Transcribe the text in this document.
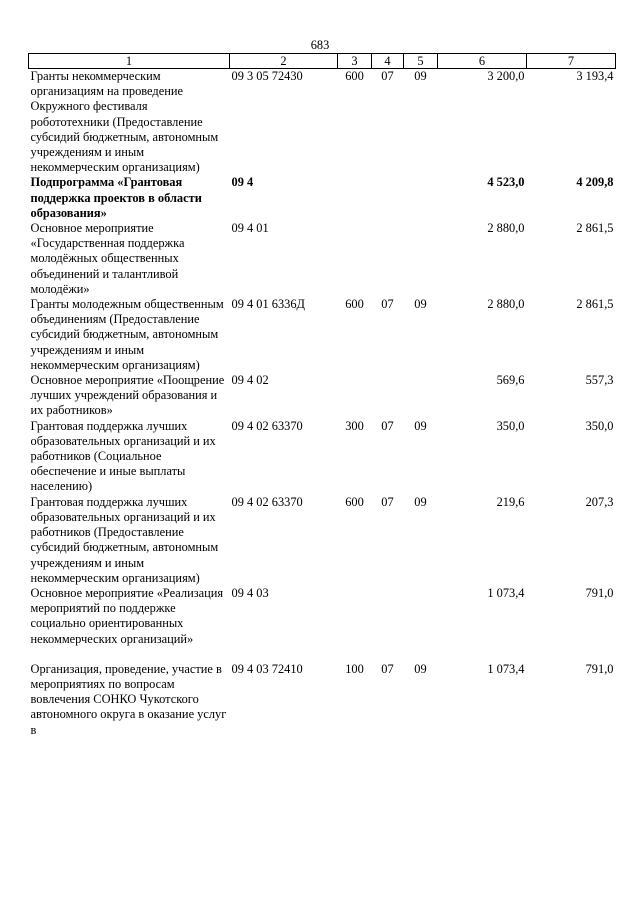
683
1	2	3	4	5	6	7
Гранты некоммерческим организациям на проведение Окружного фестиваля робототехники (Предоставление субсидий бюджетным, автономным учреждениям и иным некоммерческим организациям)	09 3 05 72430	600	07	09	3 200,0	3 193,4
Подпрограмма «Грантовая поддержка проектов в области образования»	09 4				4 523,0	4 209,8
Основное мероприятие «Государственная поддержка молодёжных общественных объединений и талантливой молодёжи»	09 4 01				2 880,0	2 861,5
Гранты молодежным общественным объединениям (Предоставление субсидий бюджетным, автономным учреждениям и иным некоммерческим организациям)	09 4 01 6336Д	600	07	09	2 880,0	2 861,5
Основное мероприятие «Поощрение лучших учреждений образования и их работников»	09 4 02				569,6	557,3
Грантовая поддержка лучших образовательных организаций и их работников (Социальное обеспечение и иные выплаты населению)	09 4 02 63370	300	07	09	350,0	350,0
Грантовая поддержка лучших образовательных организаций и их работников (Предоставление субсидий бюджетным, автономным учреждениям и иным некоммерческим организациям)	09 4 02 63370	600	07	09	219,6	207,3
Основное мероприятие «Реализация мероприятий по поддержке социально ориентированных некоммерческих организаций»	09 4 03				1 073,4	791,0
Организация, проведение, участие в мероприятиях по вопросам вовлечения СОНКО Чукотского автономного округа в оказание услуг в	09 4 03 72410	100	07	09	1 073,4	791,0
